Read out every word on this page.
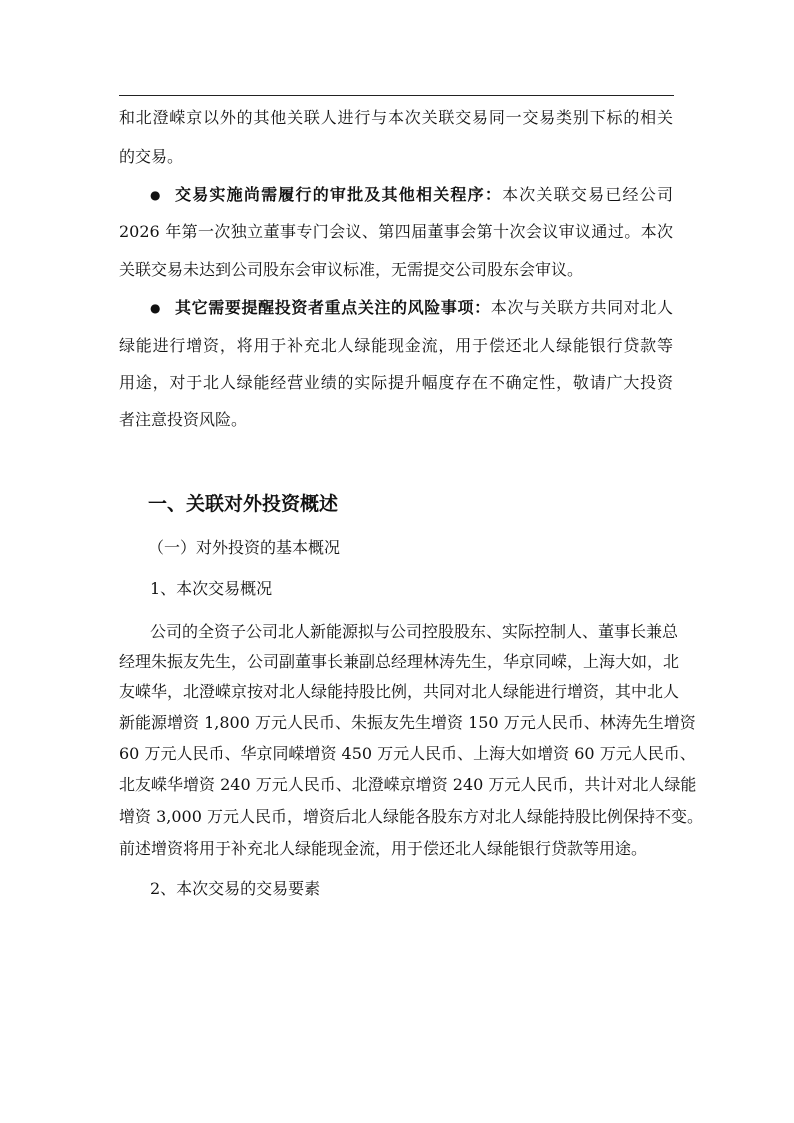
和北澄嵘京以外的其他关联人进行与本次关联交易同一交易类别下标的相关
的交易。
● 交易实施尚需履行的审批及其他相关程序：本次关联交易已经公司
2026 年第一次独立董事专门会议、第四届董事会第十次会议审议通过。本次
关联交易未达到公司股东会审议标准，无需提交公司股东会审议。
● 其它需要提醒投资者重点关注的风险事项：本次与关联方共同对北人
绿能进行增资，将用于补充北人绿能现金流，用于偿还北人绿能银行贷款等
用途，对于北人绿能经营业绩的实际提升幅度存在不确定性，敬请广大投资
者注意投资风险。
一、关联对外投资概述
（一）对外投资的基本概况
1、本次交易概况
公司的全资子公司北人新能源拟与公司控股股东、实际控制人、董事长兼总
经理朱振友先生，公司副董事长兼副总经理林涛先生，华京同嵘，上海大如，北
友嵘华，北澄嵘京按对北人绿能持股比例，共同对北人绿能进行增资，其中北人
新能源增资 1,800 万元人民币、朱振友先生增资 150 万元人民币、林涛先生增资
60 万元人民币、华京同嵘增资 450 万元人民币、上海大如增资 60 万元人民币、
北友嵘华增资 240 万元人民币、北澄嵘京增资 240 万元人民币，共计对北人绿能
增资 3,000 万元人民币，增资后北人绿能各股东方对北人绿能持股比例保持不变。
前述增资将用于补充北人绿能现金流，用于偿还北人绿能银行贷款等用途。
2、本次交易的交易要素
